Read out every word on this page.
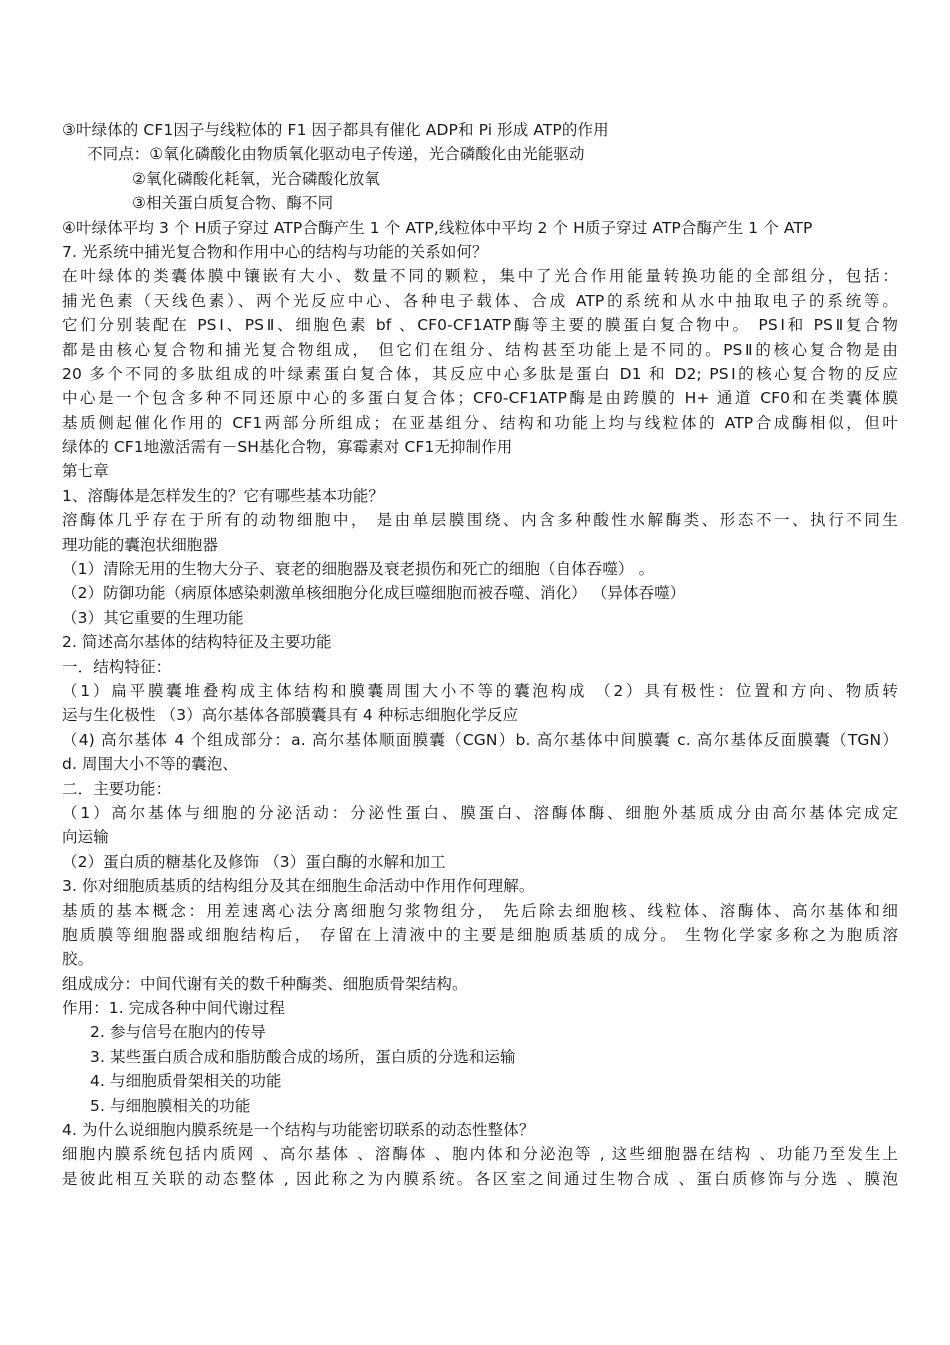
③叶绿体的 CF1因子与线粒体的 F1 因子都具有催化 ADP和 Pi 形成 ATP的作用
不同点：①氧化磷酸化由物质氧化驱动电子传递，光合磷酸化由光能驱动
②氧化磷酸化耗氧，光合磷酸化放氧
③相关蛋白质复合物、酶不同
④叶绿体平均 3 个 H质子穿过 ATP合酶产生 1 个 ATP,线粒体中平均 2 个 H质子穿过 ATP合酶产生 1 个 ATP
7. 光系统中捕光复合物和作用中心的结构与功能的关系如何？
在叶绿体的类囊体膜中镶嵌有大小、数量不同的颗粒，集中了光合作用能量转换功能的全部组分，包括：
捕光色素（天线色素）、两个光反应中心、各种电子载体、合成 ATP的系统和从水中抽取电子的系统等。
它们分别装配在 PSⅠ、PSⅡ、细胞色素 bf 、CF0-CF1ATP酶等主要的膜蛋白复合物中。 PSⅠ和 PSⅡ复合物
都是由核心复合物和捕光复合物组成， 但它们在组分、结构甚至功能上是不同的。PSⅡ的核心复合物是由
20 多个不同的多肽组成的叶绿素蛋白复合体，其反应中心多肽是蛋白 D1 和 D2; PSⅠ的核心复合物的反应
中心是一个包含多种不同还原中心的多蛋白复合体；CF0-CF1ATP酶是由跨膜的 H+ 通道 CF0和在类囊体膜
基质侧起催化作用的 CF1两部分所组成；在亚基组分、结构和功能上均与线粒体的 ATP合成酶相似，但叶
绿体的 CF1地激活需有－SH基化合物，寡霉素对 CF1无抑制作用
第七章
1、溶酶体是怎样发生的？它有哪些基本功能？
溶酶体几乎存在于所有的动物细胞中， 是由单层膜围绕、内含多种酸性水解酶类、形态不一、执行不同生
理功能的囊泡状细胞器
（1）清除无用的生物大分子、衰老的细胞器及衰老损伤和死亡的细胞（自体吞噬） 。
（2）防御功能（病原体感染刺激单核细胞分化成巨噬细胞而被吞噬、消化） （异体吞噬）
（3）其它重要的生理功能
2. 简述高尔基体的结构特征及主要功能
一．结构特征：
（1）扁平膜囊堆叠构成主体结构和膜囊周围大小不等的囊泡构成 （2）具有极性：位置和方向、物质转
运与生化极性 （3）高尔基体各部膜囊具有 4 种标志细胞化学反应
（4) 高尔基体 4 个组成部分：a. 高尔基体顺面膜囊（CGN）b. 高尔基体中间膜囊 c. 高尔基体反面膜囊（TGN）
d. 周围大小不等的囊泡、
二．主要功能：
（1）高尔基体与细胞的分泌活动：分泌性蛋白、膜蛋白、溶酶体酶、细胞外基质成分由高尔基体完成定
向运输
（2）蛋白质的糖基化及修饰 （3）蛋白酶的水解和加工
3. 你对细胞质基质的结构组分及其在细胞生命活动中作用作何理解。
基质的基本概念：用差速离心法分离细胞匀浆物组分， 先后除去细胞核、线粒体、溶酶体、高尔基体和细
胞质膜等细胞器或细胞结构后， 存留在上清液中的主要是细胞质基质的成分。 生物化学家多称之为胞质溶
胶。
组成成分：中间代谢有关的数千种酶类、细胞质骨架结构。
作用：1. 完成各种中间代谢过程
2. 参与信号在胞内的传导
3. 某些蛋白质合成和脂肪酸合成的场所，蛋白质的分选和运输
4. 与细胞质骨架相关的功能
5. 与细胞膜相关的功能
4. 为什么说细胞内膜系统是一个结构与功能密切联系的动态性整体？
细胞内膜系统包括内质网 、高尔基体 、溶酶体 、胞内体和分泌泡等 , 这些细胞器在结构 、功能乃至发生上
是彼此相互关联的动态整体 , 因此称之为内膜系统。各区室之间通过生物合成 、蛋白质修饰与分选 、膜泡
